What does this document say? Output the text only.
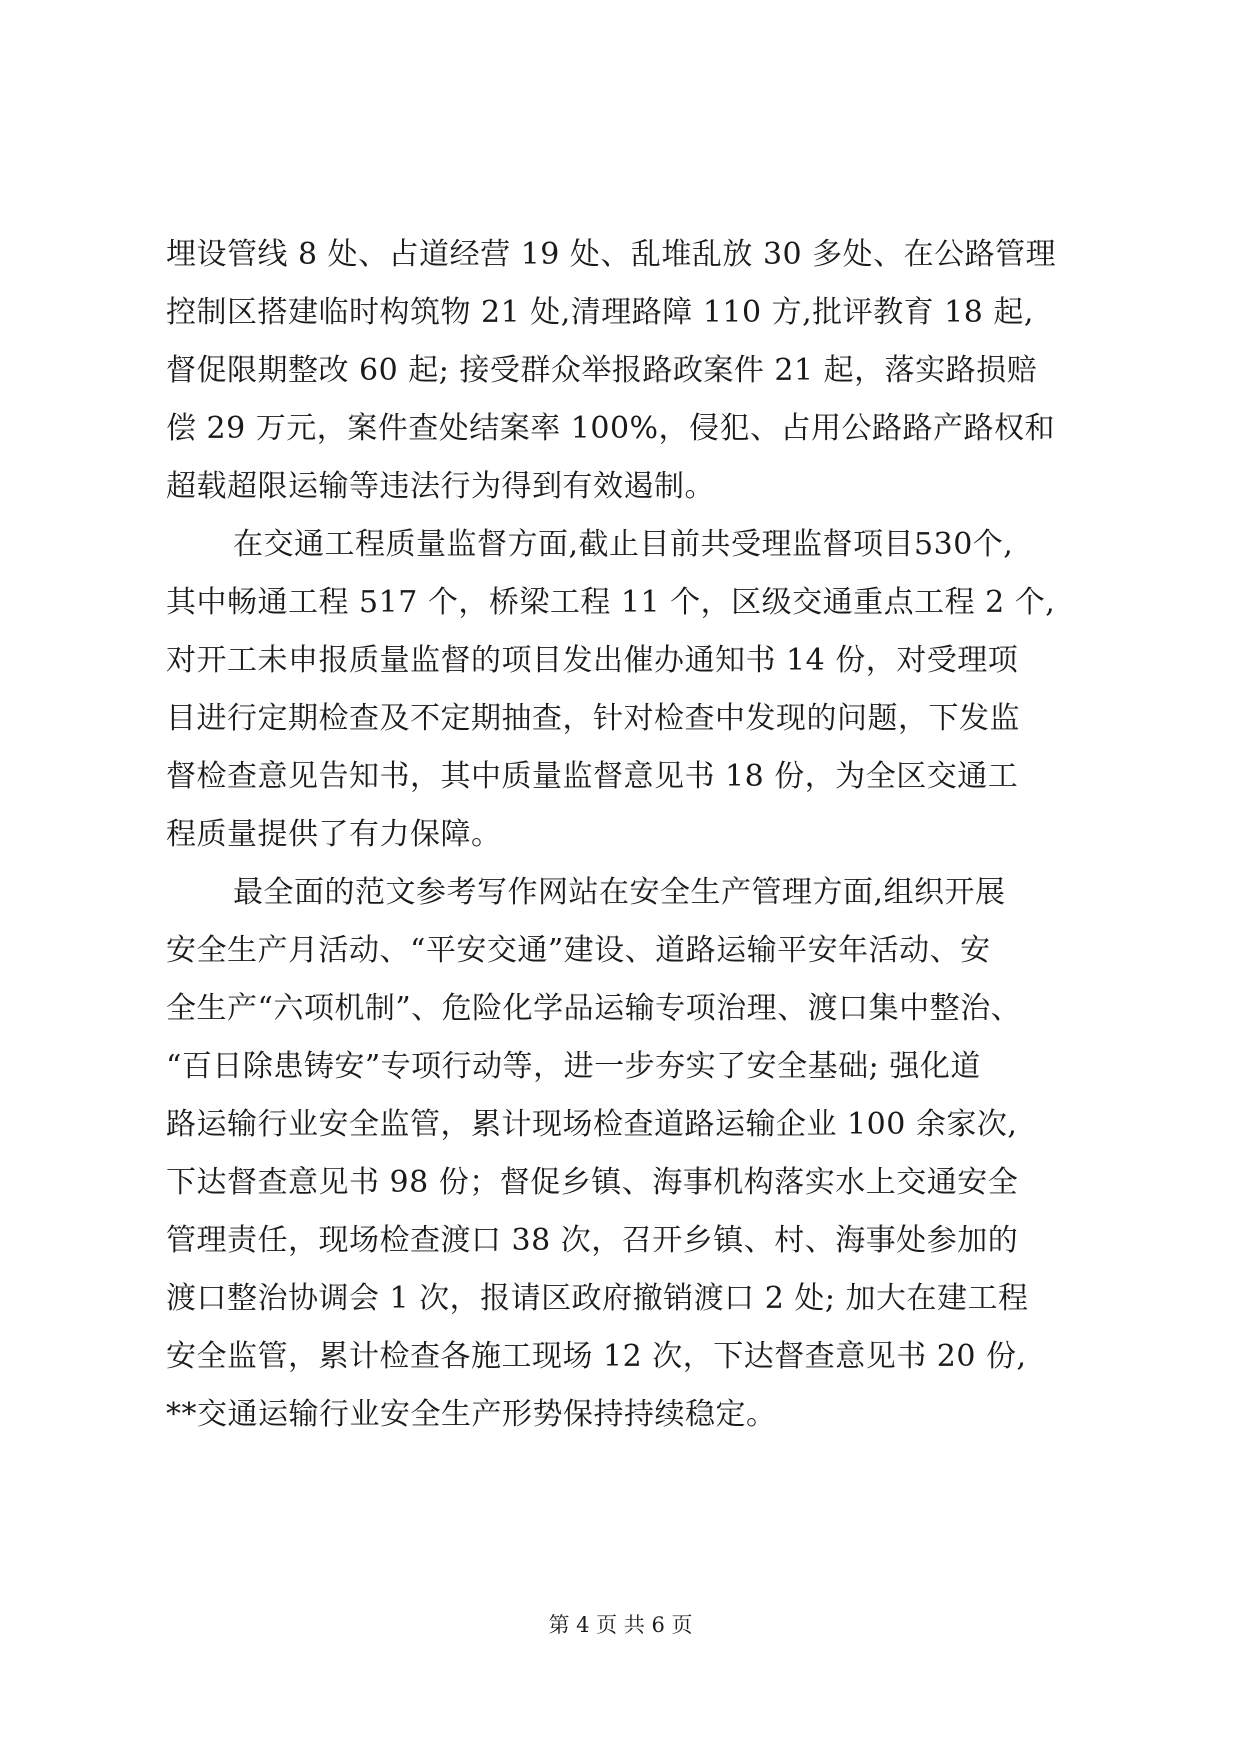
埋设管线 8 处、占道经营 19 处、乱堆乱放 30 多处、在公路管理
控制区搭建临时构筑物 21 处,清理路障 110 方,批评教育 18 起,
督促限期整改 60 起; 接受群众举报路政案件 21 起，落实路损赔
偿 29 万元，案件查处结案率 100%，侵犯、占用公路路产路权和
超载超限运输等违法行为得到有效遏制。
在交通工程质量监督方面,截止目前共受理监督项目530个,
其中畅通工程 517 个，桥梁工程 11 个，区级交通重点工程 2 个,
对开工未申报质量监督的项目发出催办通知书 14 份，对受理项
目进行定期检查及不定期抽查，针对检查中发现的问题，下发监
督检查意见告知书，其中质量监督意见书 18 份，为全区交通工
程质量提供了有力保障。
最全面的范文参考写作网站在安全生产管理方面,组织开展
安全生产月活动、“平安交通”建设、道路运输平安年活动、安
全生产“六项机制”、危险化学品运输专项治理、渡口集中整治、
“百日除患铸安”专项行动等，进一步夯实了安全基础; 强化道
路运输行业安全监管，累计现场检查道路运输企业 100 余家次,
下达督查意见书 98 份；督促乡镇、海事机构落实水上交通安全
管理责任，现场检查渡口 38 次，召开乡镇、村、海事处参加的
渡口整治协调会 1 次，报请区政府撤销渡口 2 处; 加大在建工程
安全监管，累计检查各施工现场 12 次，下达督查意见书 20 份,
**交通运输行业安全生产形势保持持续稳定。
第 4 页 共 6 页
